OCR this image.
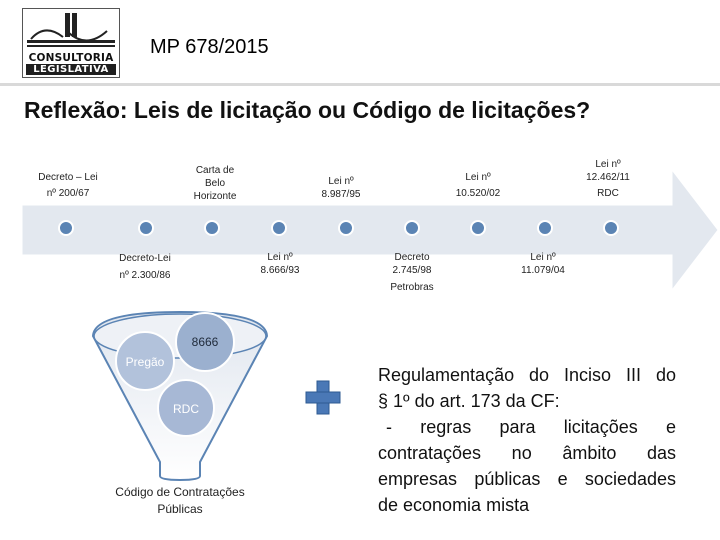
CONSULTORIA
LEGISLATIVA
MP 678/2015
Reflexão: Leis de licitação ou Código de licitações?
Decreto – Lei
nº 200/67
Carta de
Belo
Horizonte
Lei nº
8.987/95
Lei nº
10.520/02
Lei nº
12.462/11
RDC
Decreto-Lei
nº 2.300/86
Lei nº
8.666/93
Decreto
2.745/98
Petrobras
Lei nº
11.079/04
8666
Pregão
RDC
Código de Contratações
Públicas
Regulamentação do Inciso III do
§ 1º do art. 173 da CF:
- regras para licitações e
contratações no âmbito das
empresas públicas e sociedades
de economia mista
